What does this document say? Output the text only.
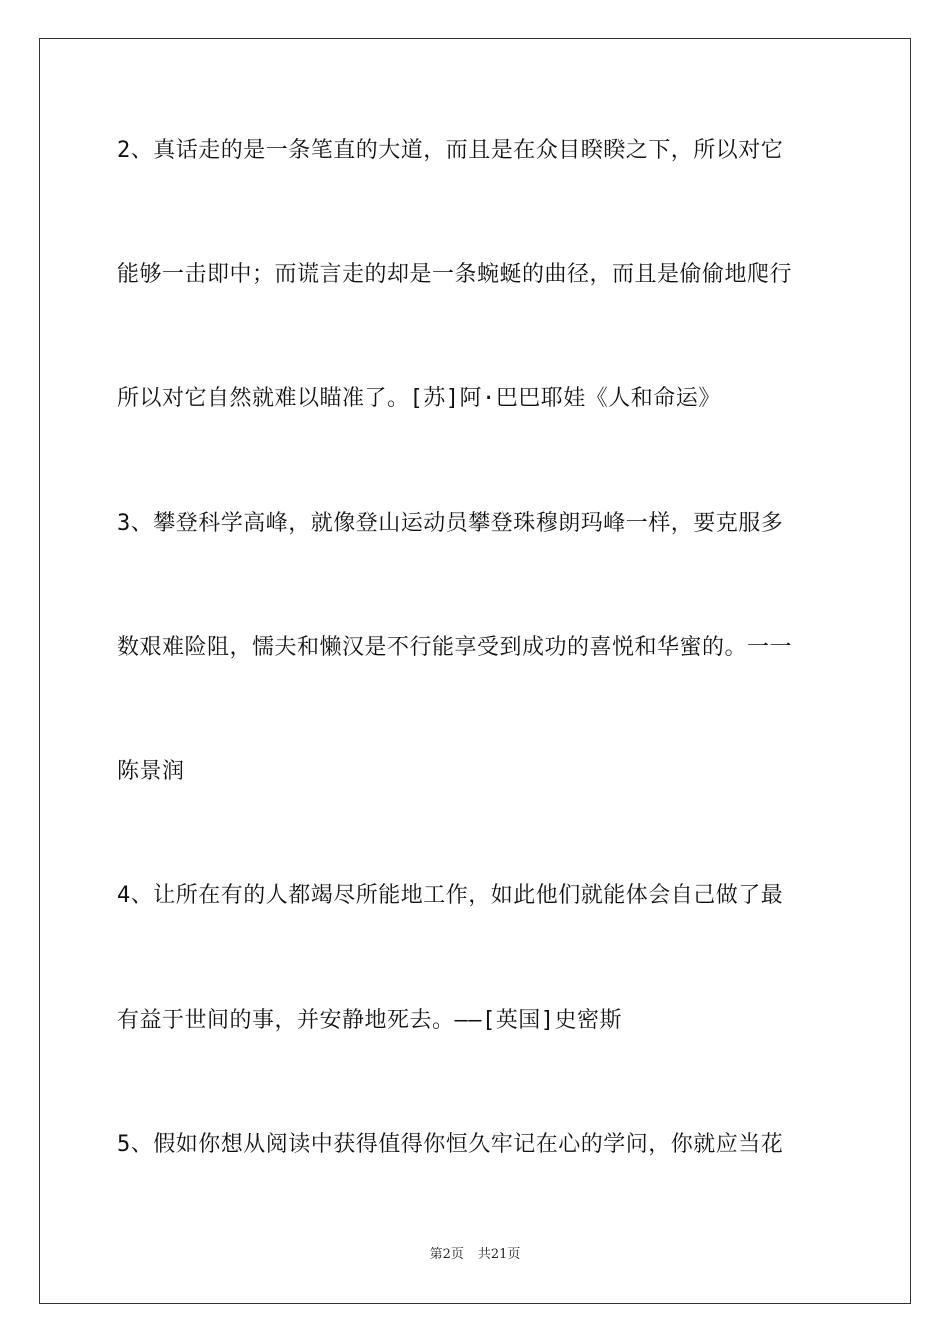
2、真话走的是一条笔直的大道，而且是在众目睽睽之下，所以对它
能够一击即中；而谎言走的却是一条蜿蜒的曲径，而且是偷偷地爬行
所以对它自然就难以瞄准了。[苏]阿·巴巴耶娃《人和命运》
3、攀登科学高峰，就像登山运动员攀登珠穆朗玛峰一样，要克服多
数艰难险阻，懦夫和懒汉是不行能享受到成功的喜悦和华蜜的。一一
陈景润
4、让所在有的人都竭尽所能地工作，如此他们就能体会自己做了最
有益于世间的事，并安静地死去。——[英国]史密斯
5、假如你想从阅读中获得值得你恒久牢记在心的学问，你就应当花
第2页 共21页
